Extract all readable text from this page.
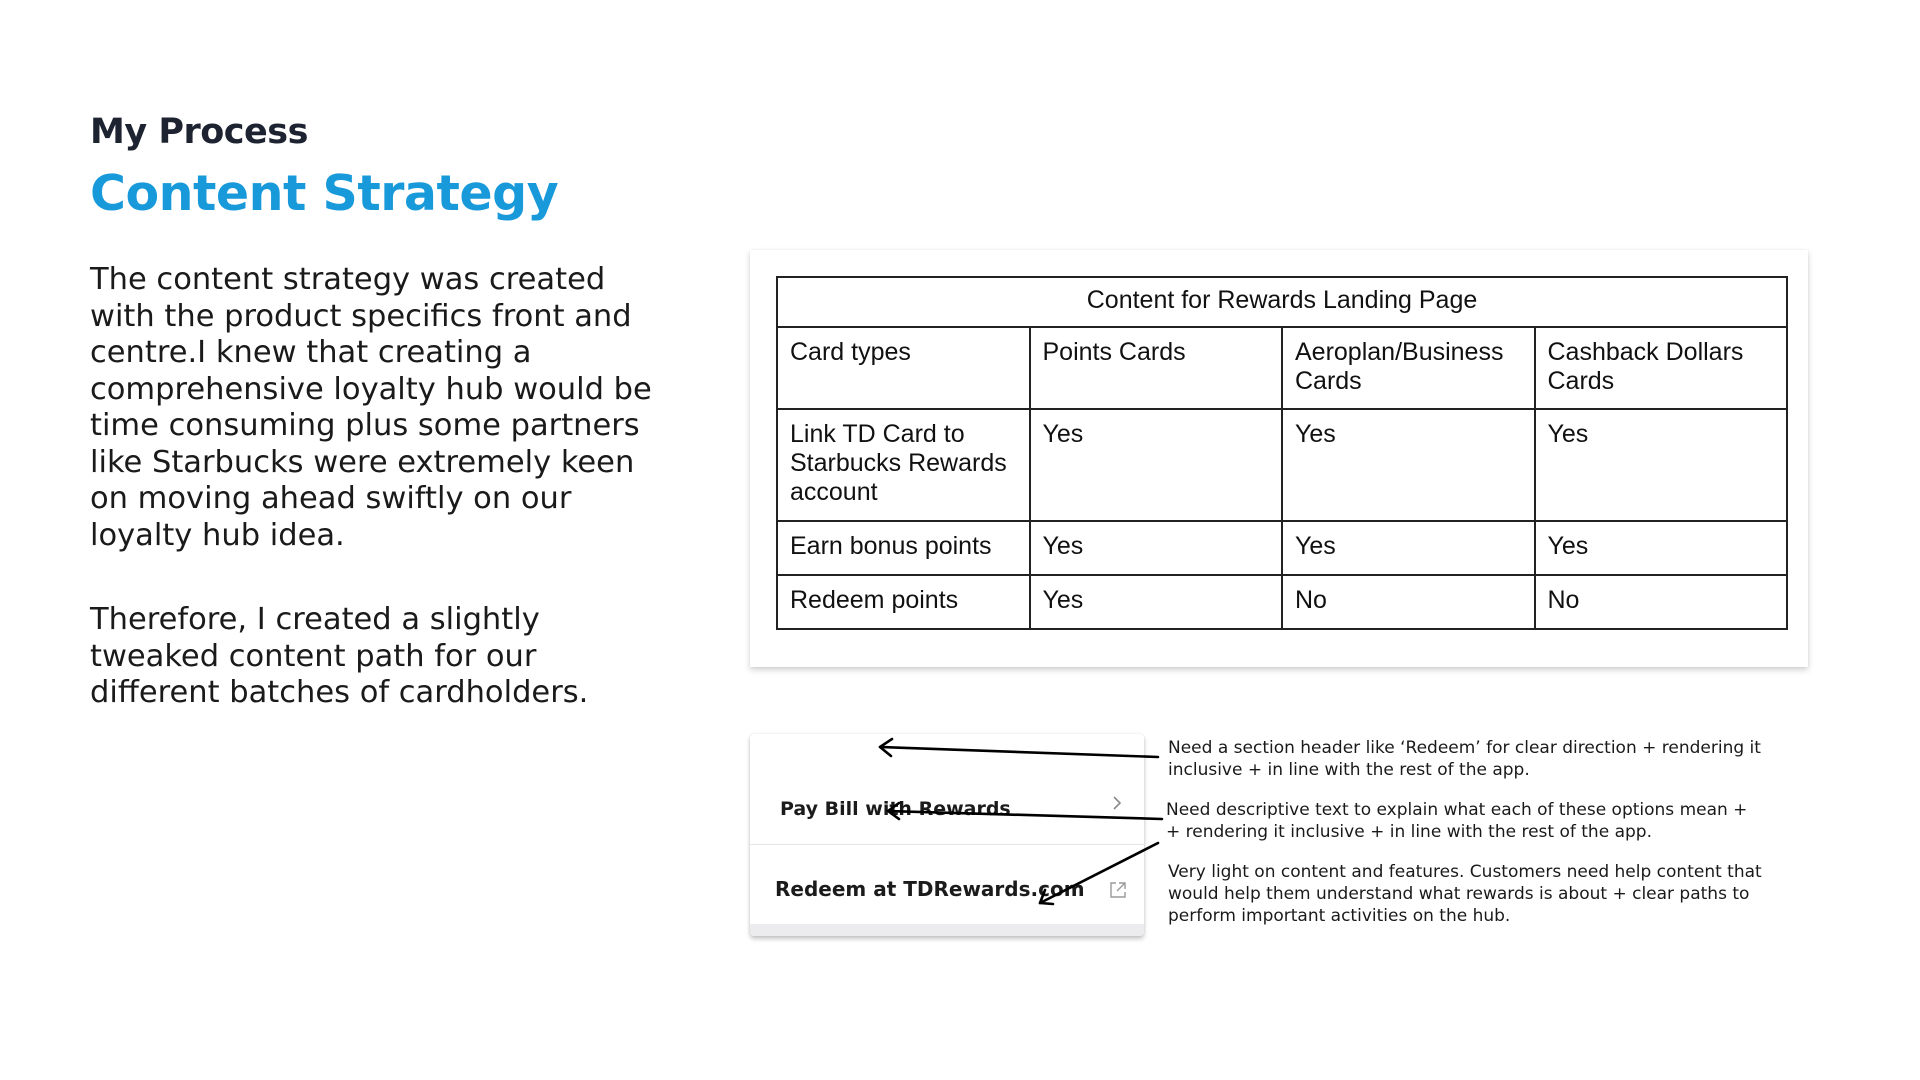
My Process
Content Strategy

The content strategy was created with the product specifics front and centre.I knew that creating a comprehensive loyalty hub would be time consuming plus some partners like Starbucks were extremely keen on moving ahead swiftly on our loyalty hub idea.

Therefore, I created a slightly tweaked content path for our different batches of cardholders.

Content for Rewards Landing Page			
Card types	Points Cards	Aeroplan/Business Cards	Cashback Dollars Cards
Link TD Card to Starbucks Rewards account	Yes	Yes	Yes
Earn bonus points	Yes	Yes	Yes
Redeem points	Yes	No	No
Pay Bill with Rewards
Redeem at TDRewards.com
Need a section header like ‘Redeem’ for clear direction + rendering it inclusive + in line with the rest of the app.
Need descriptive text to explain what each of these options mean + + rendering it inclusive + in line with the rest of the app.
Very light on content and features. Customers need help content that would help them understand what rewards is about + clear paths to perform important activities on the hub.
